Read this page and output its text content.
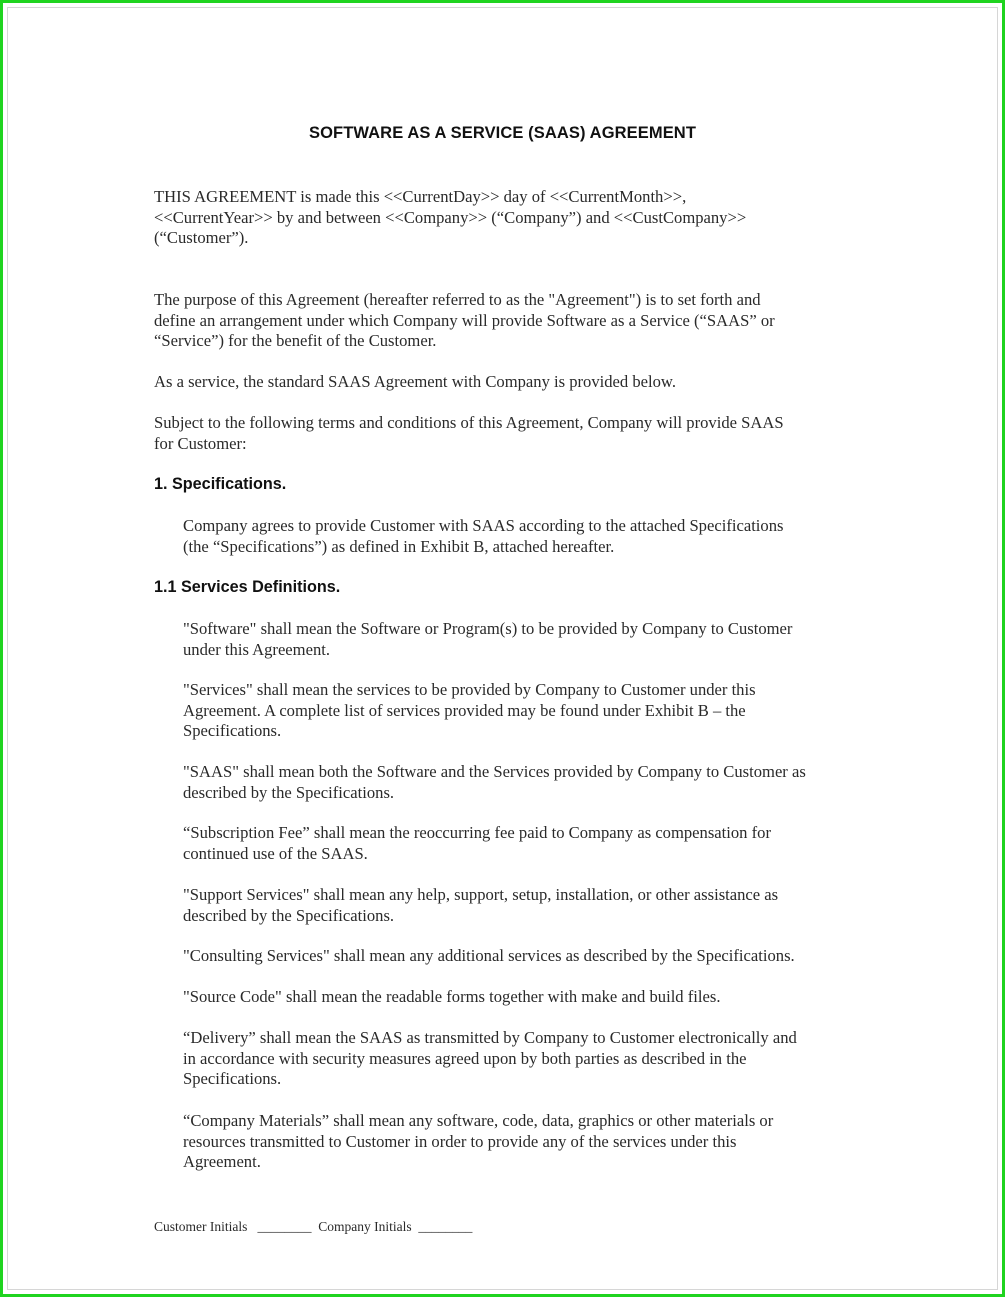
SOFTWARE AS A SERVICE (SAAS) AGREEMENT
THIS AGREEMENT is made this <<CurrentDay>> day of <<CurrentMonth>>,
<<CurrentYear>> by and between <<Company>> (“Company”) and <<CustCompany>>
(“Customer”).
The purpose of this Agreement (hereafter referred to as the "Agreement") is to set forth and
define an arrangement under which Company will provide Software as a Service (“SAAS” or
“Service”) for the benefit of the Customer.
As a service, the standard SAAS Agreement with Company is provided below.
Subject to the following terms and conditions of this Agreement, Company will provide SAAS
for Customer:
1. Specifications.
Company agrees to provide Customer with SAAS according to the attached Specifications
(the “Specifications”) as defined in Exhibit B, attached hereafter.
1.1 Services Definitions.
"Software" shall mean the Software or Program(s) to be provided by Company to Customer
under this Agreement.
"Services" shall mean the services to be provided by Company to Customer under this
Agreement. A complete list of services provided may be found under Exhibit B – the
Specifications.
"SAAS" shall mean both the Software and the Services provided by Company to Customer as
described by the Specifications.
“Subscription Fee” shall mean the reoccurring fee paid to Company as compensation for
continued use of the SAAS.
"Support Services" shall mean any help, support, setup, installation, or other assistance as
described by the Specifications.
"Consulting Services" shall mean any additional services as described by the Specifications.
"Source Code" shall mean the readable forms together with make and build files.
“Delivery” shall mean the SAAS as transmitted by Company to Customer electronically and
in accordance with security measures agreed upon by both parties as described in the
Specifications.
“Company Materials” shall mean any software, code, data, graphics or other materials or
resources transmitted to Customer in order to provide any of the services under this
Agreement.
Customer Initials ________ Company Initials ________
